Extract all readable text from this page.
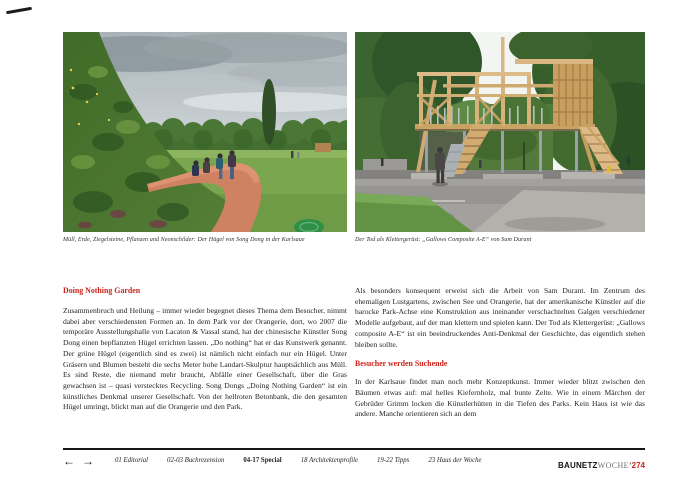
Müll, Erde, Ziegelsteine, Pflanzen und Neonschilder: Der Hügel von Song Dong in der Karlsaue	Der Tod als Klettergerüst: „Gallows Composite A-E“ von Sam Durant
Doing Nothing Garden

Zusammenbruch und Heilung – immer wieder begegnet dieses Thema dem Besucher, nimmt dabei aber verschiedensten Formen an. In dem Park vor der Orangerie, dort, wo 2007 die temporäre Ausstellungshalle von Lacaton & Vassal stand, hat der chinesische Künstler Song Dong einen bepflanzten Hügel errichten lassen. „Do nothing“ hat er das Kunstwerk genannt. Der grüne Hügel (eigentlich sind es zwei) ist nämlich nicht einfach nur ein Hügel. Unter Gräsern und Blumen besteht die sechs Meter hohe Landart-Skulptur hauptsächlich aus Müll. Es sind Reste, die niemand mehr braucht, Abfälle einer Gesellschaft, über die Gras gewachsen ist – quasi verstecktes Recycling. Song Dongs „Doing Nothing Garden“ ist ein künstliches Denkmal unserer Gesellschaft. Von der hellroten Betonbank, die den gesamten Hügel umringt, blickt man auf die Orangerie und den Park.

Als besonders konsequent erweist sich die Arbeit von Sam Durant. Im Zentrum des ehemaligen Lustgartens, zwischen See und Orangerie, hat der amerikanische Künstler auf die barocke Park-Achse eine Konstruktion aus ineinander verschachtelten Galgen verschiedener Modelle aufgebaut, auf der man klettern und spielen kann. Der Tod als Klettergerüst: „Gallows composite A-E“ ist ein beeindruckendes Anti-Denkmal der Geschichte, das eigentlich stehen bleiben sollte.

Besucher werden Suchende

In der Karlsaue findet man noch mehr Konzeptkunst. Immer wieder blitzt zwischen den Bäumen etwas auf: mal helles Kiefernholz, mal bunte Zelte. Wie in einem Märchen der Gebrüder Grimm locken die Künstlerhütten in die Tiefen des Parks. Kein Haus ist wie das andere. Manche orientieren sich an dem

← →	01 Editorial	02-03 Buchrezension	04-17 Special	18 Architektenprofile	19-22 Tipps	23 Haus der Woche
BAUNETZWOCHE’274
